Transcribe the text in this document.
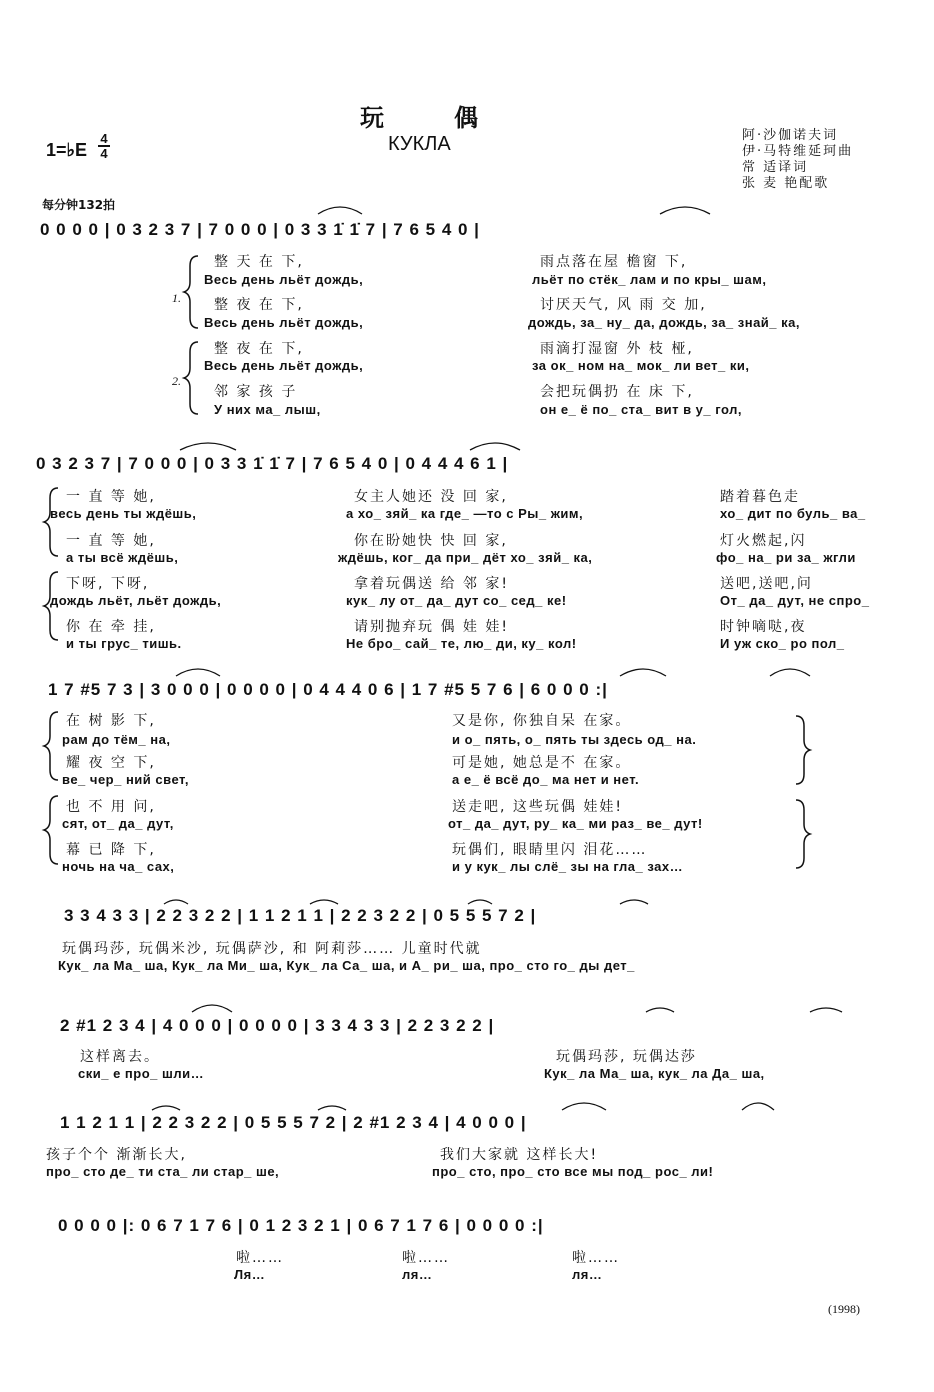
玩偶
КУКЛА
1=♭E
4
4
每分钟132拍
阿·沙伽诺夫词
伊·马特维延珂曲
常 适译词
张 麦 艳配歌
0 0 0 0 | 0 3 2 3 7 | 7 0 0 0 | 0 3 3 1̇ 1̇ 7 | 7 6 5 4 0 |
1.
2.
整 天 在 下,	雨点落在屋 檐窗 下,
Весь день льёт дождь,	льёт по стёк_ лам и по кры_ шам,
整 夜 在 下,	讨厌天气, 风 雨 交 加,
Весь день льёт дождь,	дождь, за_ ну_ да, дождь, за_ знай_ ка,
整 夜 在 下,	雨滴打湿窗 外 枝 桠,
Весь день льёт дождь,	за ок_ ном на_ мок_ ли вет_ ки,
邻 家 孩 子	会把玩偶扔 在 床 下,
У них ма_ лыш,	он е_ ё по_ ста_ вит в у_ гол,
0 3 2 3 7 | 7 0 0 0 | 0 3 3 1̇ 1̇ 7 | 7 6 5 4 0 | 0 4 4 4 6 1 |
一 直 等 她,	女主人她还 没 回 家,	踏着暮色走
весь день ты ждёшь,	а хо_ зяй_ ка где_ —то с Ры_ жим,	хо_ дит по буль_ ва_
一 直 等 她,	你在盼她快 快 回 家,	灯火燃起,闪
а ты всё ждёшь,	ждёшь, ког_ да при_ дёт хо_ зяй_ ка,	фо_ на_ ри за_ жгли
下呀, 下呀,	拿着玩偶送 给 邻 家!	送吧,送吧,问
дождь льёт, льёт дождь,	кук_ лу от_ да_ дут со_ сед_ ке!	От_ да_ дут, не спро_
你 在 牵 挂,	请别抛弃玩 偶 娃 娃!	时钟嘀哒,夜
и ты грус_ тишь.	Не бро_ сай_ те, лю_ ди, ку_ кол!	И уж ско_ ро пол_
1 7 #5 7 3 | 3 0 0 0 | 0 0 0 0 | 0 4 4 4 0 6 | 1 7 #5 5 7 6 | 6 0 0 0 :|
在 树 影 下,	又是你, 你独自呆 在家。
рам до тём_ на,	и о_ пять, о_ пять ты здесь од_ на.
耀 夜 空 下,	可是她, 她总是不 在家。
ве_ чер_ ний свет,	а е_ ё всё до_ ма нет и нет.
也 不 用 问,	送走吧, 这些玩偶 娃娃!
сят, от_ да_ дут,	от_ да_ дут, ру_ ка_ ми раз_ ве_ дут!
幕 已 降 下,	玩偶们, 眼睛里闪 泪花……
ночь на ча_ сах,	и у кук_ лы слё_ зы на гла_ зах…
3 3 4 3 3 | 2 2 3 2 2 | 1 1 2 1 1 | 2 2 3 2 2 | 0 5 5 5 7 2 |
玩偶玛莎, 玩偶米沙, 玩偶萨沙, 和 阿莉莎…… 儿童时代就
Кук_ ла Ма_ ша, Кук_ ла Ми_ ша, Кук_ ла Са_ ша, и А_ ри_ ша, про_ сто го_ ды дет_
2 #1 2 3 4 | 4 0 0 0 | 0 0 0 0 | 3 3 4 3 3 | 2 2 3 2 2 |
这样离去。	玩偶玛莎, 玩偶达莎
ски_ е про_ шли…	Кук_ ла Ма_ ша, кук_ ла Да_ ша,
1 1 2 1 1 | 2 2 3 2 2 | 0 5 5 5 7 2 | 2 #1 2 3 4 | 4 0 0 0 |
孩子个个 渐渐长大,	我们大家就 这样长大!
про_ сто де_ ти ста_ ли стар_ ше,	про_ сто, про_ сто все мы под_ рос_ ли!
0 0 0 0 |: 0 6 7 1 7 6 | 0 1 2 3 2 1 | 0 6 7 1 7 6 | 0 0 0 0 :|
啦……	啦……	啦……
Ля…	ля…	ля…
(1998)
